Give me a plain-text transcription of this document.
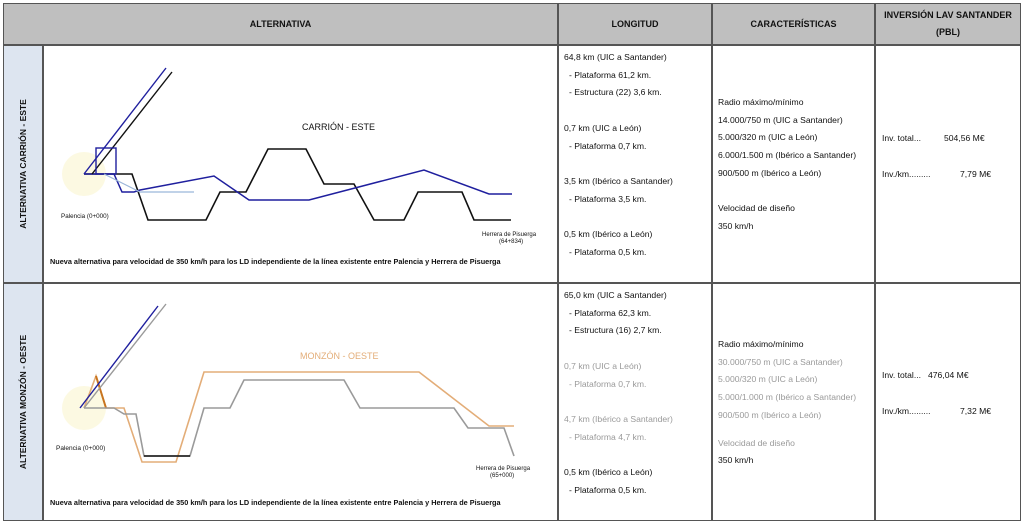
ALTERNATIVA	LONGITUD	CARACTERÍSTICAS
INVERSIÓN LAV SANTANDER
(PBL)
ALTERNATIVA CARRIÓN - ESTE	CARRIÓN - ESTE
Palencia (0+000)
Herrera de Pisuerga
(64+834)
Nueva alternativa para velocidad de 350 km/h para los LD independiente de la línea existente entre Palencia y Herrera de Pisuerga
64,8 km (UIC a Santander)
- Plataforma 61,2 km.
- Estructura (22) 3,6 km.
0,7 km (UIC a León)
- Plataforma 0,7 km.
3,5 km (Ibérico a Santander)
- Plataforma 3,5 km.
0,5 km (Ibérico a León)
- Plataforma 0,5 km.
Radio máximo/mínimo
14.000/750 m (UIC a Santander)
5.000/320 m (UIC a León)
6.000/1.500 m (Ibérico a Santander)
900/500 m (Ibérico a León)
Velocidad de diseño
350 km/h
Inv. total...	504,56 M€
Inv./km.........	7,79 M€
ALTERNATIVA MONZÓN - OESTE	MONZÓN - OESTE
Palencia (0+000)
Herrera de Pisuerga
(65+000)
Nueva alternativa para velocidad de 350 km/h para los LD independiente de la línea existente entre Palencia y Herrera de Pisuerga
65,0 km (UIC a Santander)
- Plataforma 62,3 km.
- Estructura (16) 2,7 km.
0,7 km (UIC a León)
- Plataforma 0,7 km.
4,7 km (Ibérico a Santander)
- Plataforma 4,7 km.
0,5 km (Ibérico a León)
- Plataforma 0,5 km.
Radio máximo/mínimo
30.000/750 m (UIC a Santander)
5.000/320 m (UIC a León)
5.000/1.000 m (Ibérico a Santander)
900/500 m (Ibérico a León)
Velocidad de diseño
350 km/h
Inv. total... 476,04 M€
Inv./km.........	7,32 M€
